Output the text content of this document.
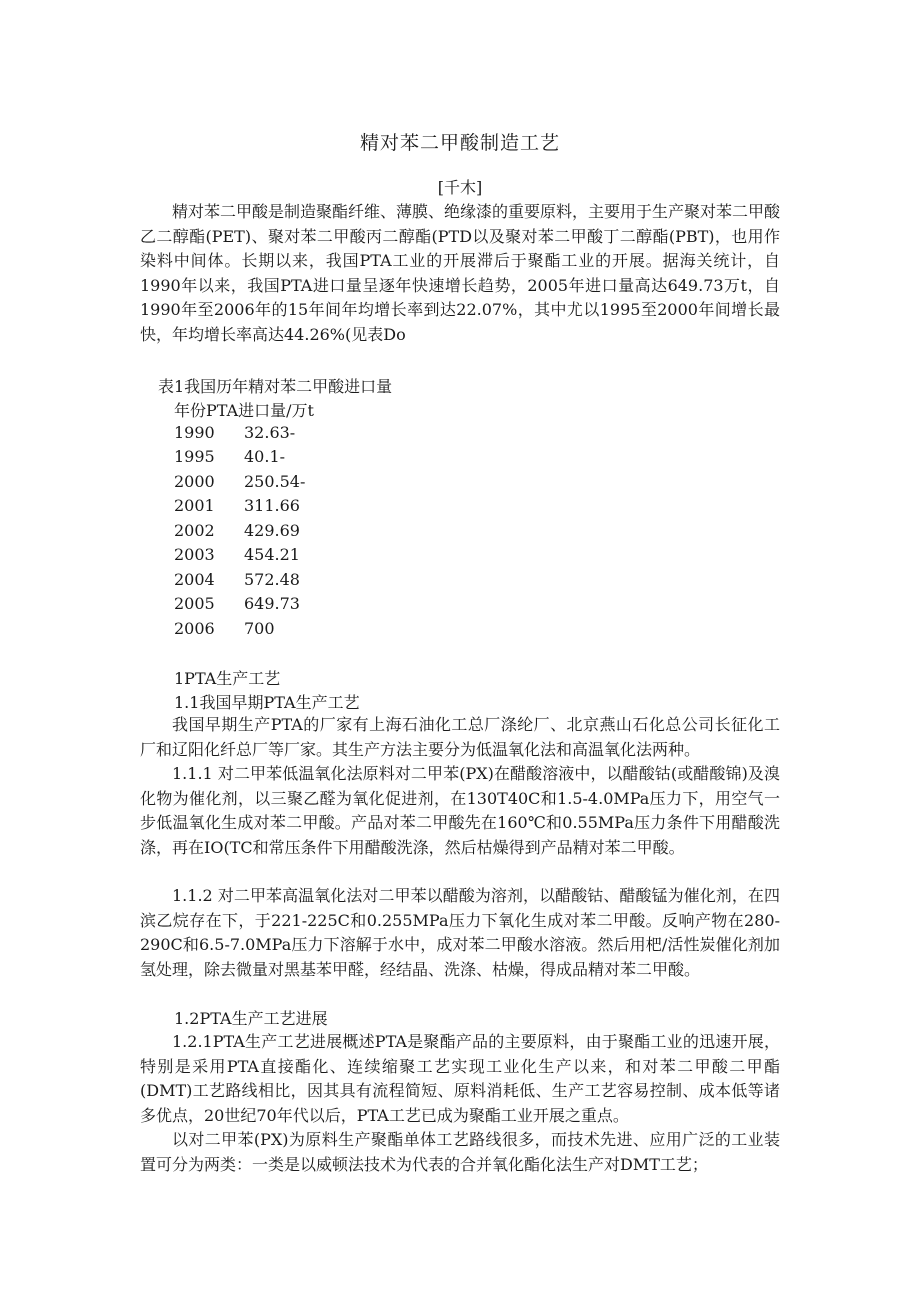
精对苯二甲酸制造工艺
[千木]

精对苯二甲酸是制造聚酯纤维、薄膜、绝缘漆的重要原料，主要用于生产聚对苯二甲酸乙二醇酯(PET)、聚对苯二甲酸丙二醇酯(PTD以及聚对苯二甲酸丁二醇酯(PBT)，也用作染料中间体。长期以来，我国PTA工业的开展滞后于聚酯工业的开展。据海关统计，自1990年以来，我国PTA进口量呈逐年快速增长趋势，2005年进口量高达649.73万t，自1990年至2006年的15年间年均增长率到达22.07%，其中尤以1995至2000年间增长最快，年均增长率高达44.26%(见表Do

表1我国历年精对苯二甲酸进口量
年份PTA进口量/万t
1990 32.63-
1995 40.1-
2000 250.54-
2001 311.66
2002 429.69
2003 454.21
2004 572.48
2005 649.73
2006 700
1PTA生产工艺
1.1我国早期PTA生产工艺

我国早期生产PTA的厂家有上海石油化工总厂涤纶厂、北京燕山石化总公司长征化工厂和辽阳化纤总厂等厂家。其生产方法主要分为低温氧化法和高温氧化法两种。

1.1.1 对二甲苯低温氧化法原料对二甲苯(PX)在醋酸溶液中，以醋酸钴(或醋酸锦)及溴化物为催化剂，以三聚乙醛为氧化促进剂，在130T40C和1.5-4.0MPa压力下，用空气一步低温氧化生成对苯二甲酸。产品对苯二甲酸先在160℃和0.55MPa压力条件下用醋酸洗涤，再在IO(TC和常压条件下用醋酸洗涤，然后枯燥得到产品精对苯二甲酸。

1.1.2 对二甲苯高温氧化法对二甲苯以醋酸为溶剂，以醋酸钴、醋酸锰为催化剂，在四滨乙烷存在下，于221-225C和0.255MPa压力下氧化生成对苯二甲酸。反响产物在280-290C和6.5-7.0MPa压力下溶解于水中，成对苯二甲酸水溶液。然后用杷/活性炭催化剂加氢处理，除去微量对黑基苯甲醛，经结晶、洗涤、枯燥，得成品精对苯二甲酸。

1.2PTA生产工艺进展

1.2.1PTA生产工艺进展概述PTA是聚酯产品的主要原料，由于聚酯工业的迅速开展，特别是采用PTA直接酯化、连续缩聚工艺实现工业化生产以来，和对苯二甲酸二甲酯(DMT)工艺路线相比，因其具有流程简短、原料消耗低、生产工艺容易控制、成本低等诸多优点，20世纪70年代以后，PTA工艺已成为聚酯工业开展之重点。

以对二甲苯(PX)为原料生产聚酯单体工艺路线很多，而技术先进、应用广泛的工业装置可分为两类：一类是以威顿法技术为代表的合并氧化酯化法生产对DMT工艺；
